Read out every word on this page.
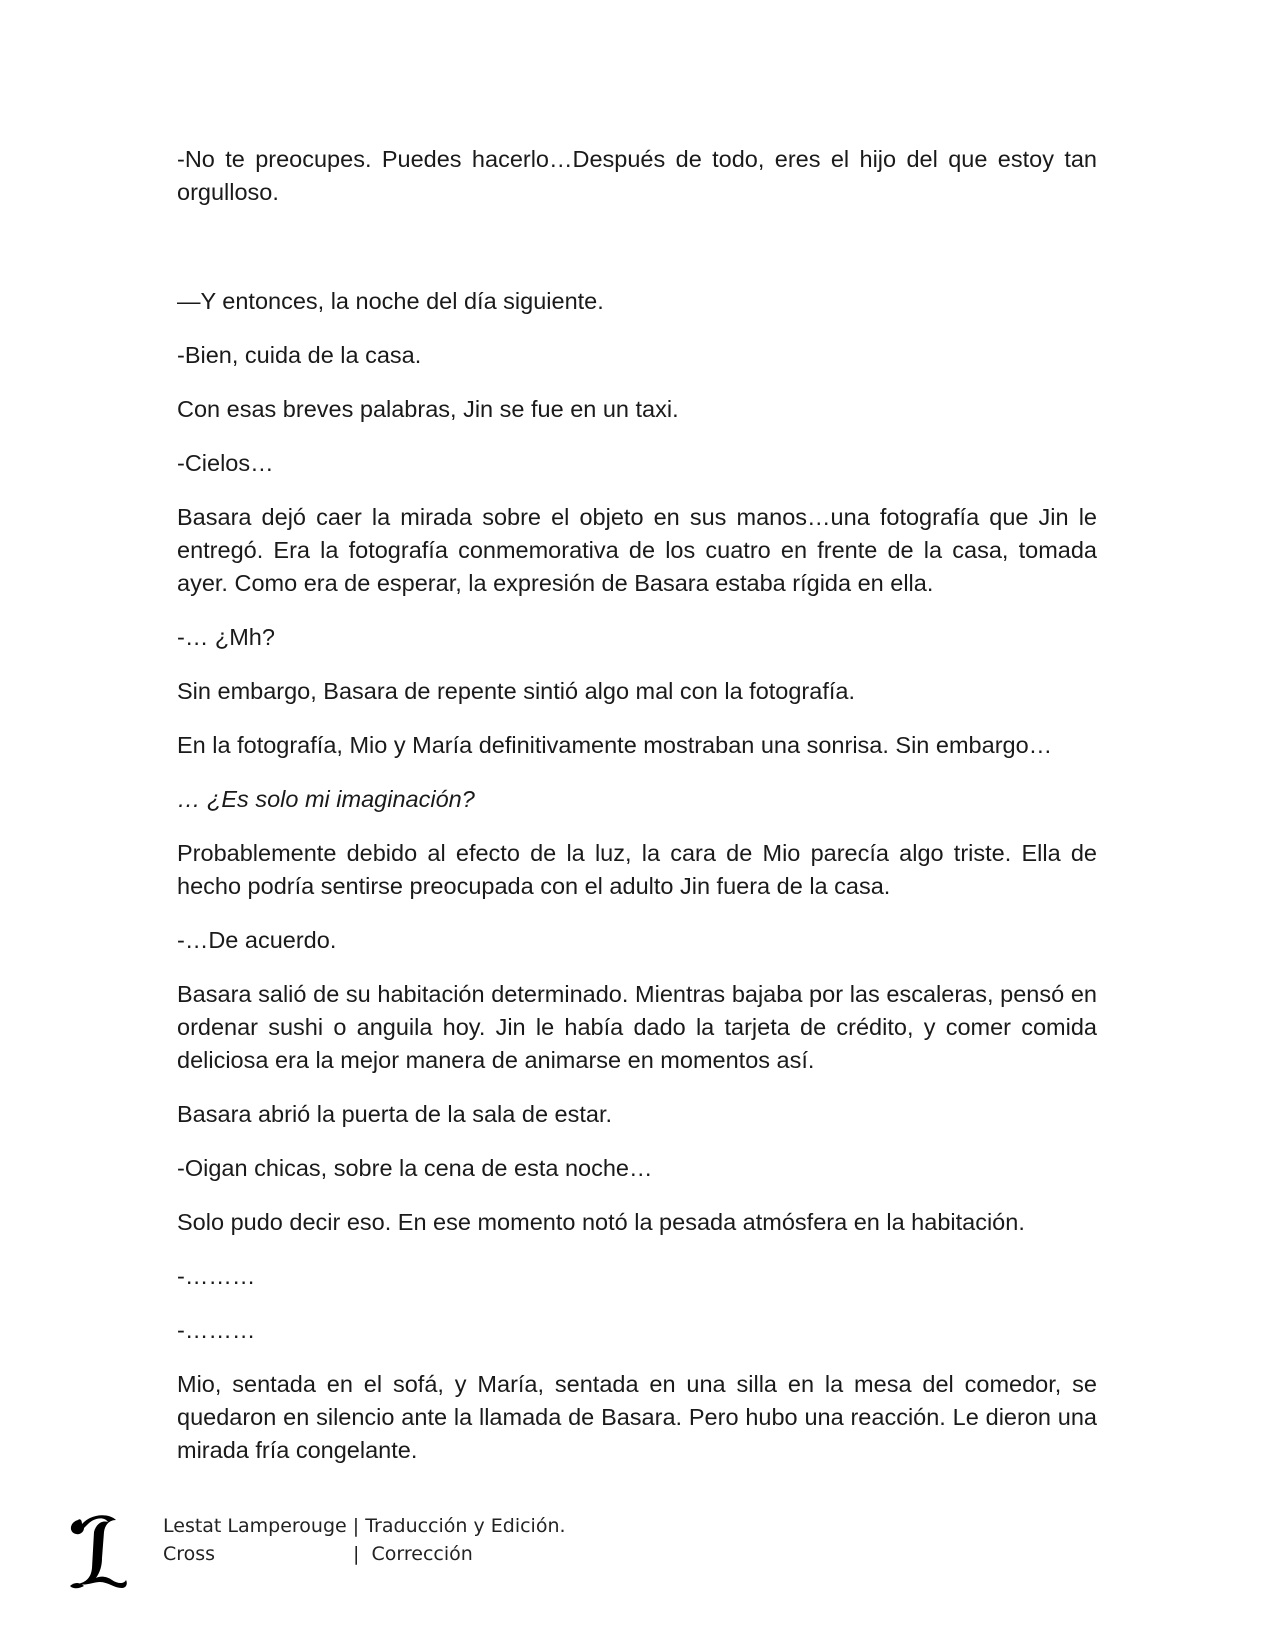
-No te preocupes. Puedes hacerlo…Después de todo, eres el hijo del que estoy tan orgulloso.

—Y entonces, la noche del día siguiente.

-Bien, cuida de la casa.

Con esas breves palabras, Jin se fue en un taxi.

-Cielos…

Basara dejó caer la mirada sobre el objeto en sus manos…una fotografía que Jin le entregó. Era la fotografía conmemorativa de los cuatro en frente de la casa, tomada ayer. Como era de esperar, la expresión de Basara estaba rígida en ella.

-… ¿Mh?

Sin embargo, Basara de repente sintió algo mal con la fotografía.

En la fotografía, Mio y María definitivamente mostraban una sonrisa. Sin embargo…

… ¿Es solo mi imaginación?

Probablemente debido al efecto de la luz, la cara de Mio parecía algo triste. Ella de hecho podría sentirse preocupada con el adulto Jin fuera de la casa.

-…De acuerdo.

Basara salió de su habitación determinado. Mientras bajaba por las escaleras, pensó en ordenar sushi o anguila hoy. Jin le había dado la tarjeta de crédito, y comer comida deliciosa era la mejor manera de animarse en momentos así.

Basara abrió la puerta de la sala de estar.

-Oigan chicas, sobre la cena de esta noche…

Solo pudo decir eso. En ese momento notó la pesada atmósfera en la habitación.

-………

-………

Mio, sentada en el sofá, y María, sentada en una silla en la mesa del comedor, se quedaron en silencio ante la llamada de Basara. Pero hubo una reacción. Le dieron una mirada fría congelante.

Lestat Lamperouge
|
Traducción y Edición.
Cross	|
Corrección
